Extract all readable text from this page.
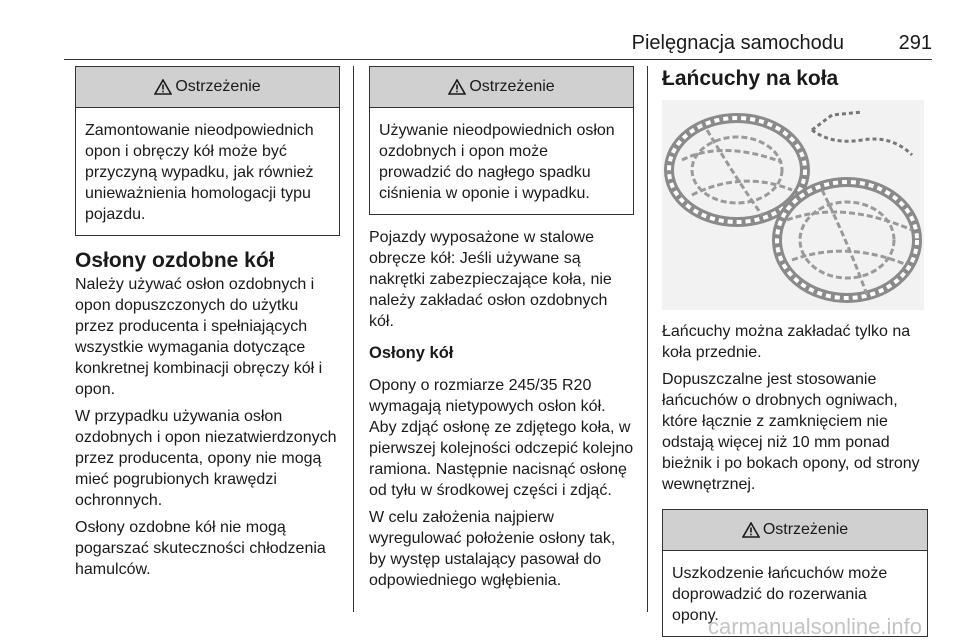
Pielęgnacja samochodu	291
Ostrzeżenie
Zamontowanie nieodpowiednich opon i obręczy kół może być przyczyną wypadku, jak również unieważnienia homologacji typu pojazdu.
Osłony ozdobne kół

Należy używać osłon ozdobnych i opon dopuszczonych do użytku przez producenta i spełniających wszystkie wymagania dotyczące konkretnej kombinacji obręczy kół i opon.

W przypadku używania osłon ozdobnych i opon niezatwierdzonych przez producenta, opony nie mogą mieć pogrubionych krawędzi ochronnych.

Osłony ozdobne kół nie mogą pogarszać skuteczności chłodzenia hamulców.

Ostrzeżenie
Używanie nieodpowiednich osłon ozdobnych i opon może prowadzić do nagłego spadku ciśnienia w oponie i wypadku.

Pojazdy wyposażone w stalowe obręcze kół: Jeśli używane są nakrętki zabezpieczające koła, nie należy zakładać osłon ozdobnych kół.

Osłony kół

Opony o rozmiarze 245/35 R20 wymagają nietypowych osłon kół. Aby zdjąć osłonę ze zdjętego koła, w pierwszej kolejności odczepić kolejno ramiona. Następnie nacisnąć osłonę od tyłu w środkowej części i zdjąć.

W celu założenia najpierw wyregulować położenie osłony tak, by występ ustalający pasował do odpowiedniego wgłębienia.

Łańcuchy na koła

Łańcuchy można zakładać tylko na koła przednie.

Dopuszczalne jest stosowanie łańcuchów o drobnych ogniwach, które łącznie z zamknięciem nie odstają więcej niż 10 mm ponad bieżnik i po bokach opony, od strony wewnętrznej.

Ostrzeżenie
Uszkodzenie łańcuchów może doprowadzić do rozerwania opony.
carmanualsonline.info
